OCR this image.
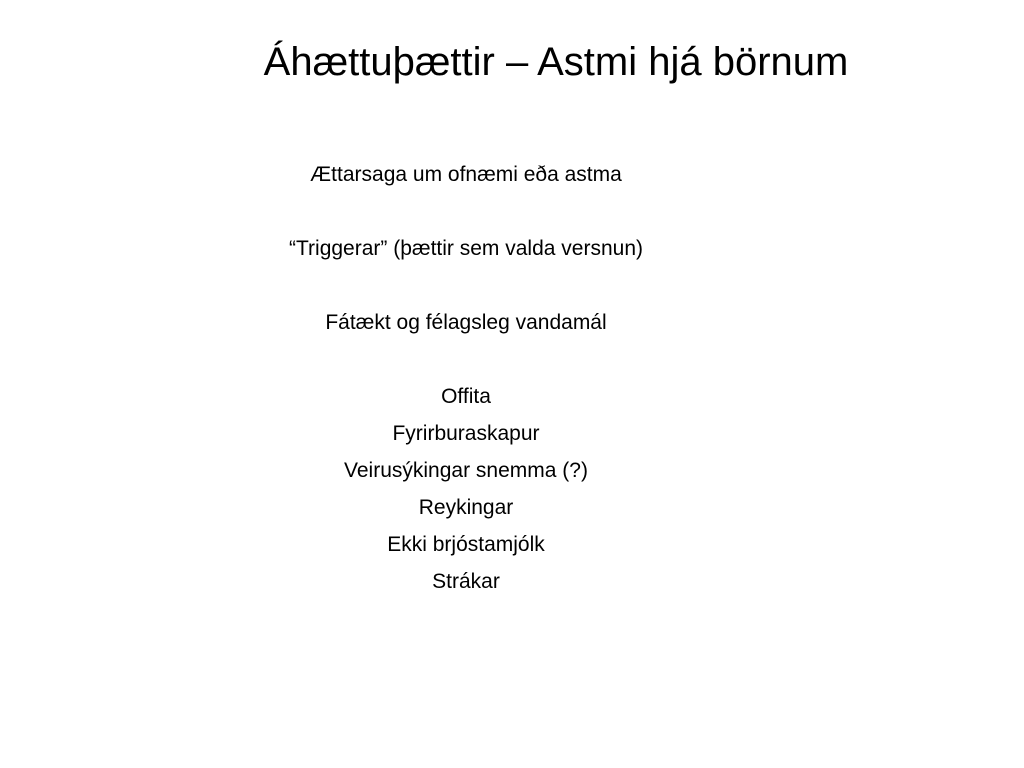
Áhættuþættir – Astmi hjá börnum
Ættarsaga um ofnæmi eða astma
“Triggerar” (þættir sem valda versnun)
Fátækt og félagsleg vandamál
Offita
Fyrirburaskapur
Veirusýkingar snemma (?)
Reykingar
Ekki brjóstamjólk
Strákar
